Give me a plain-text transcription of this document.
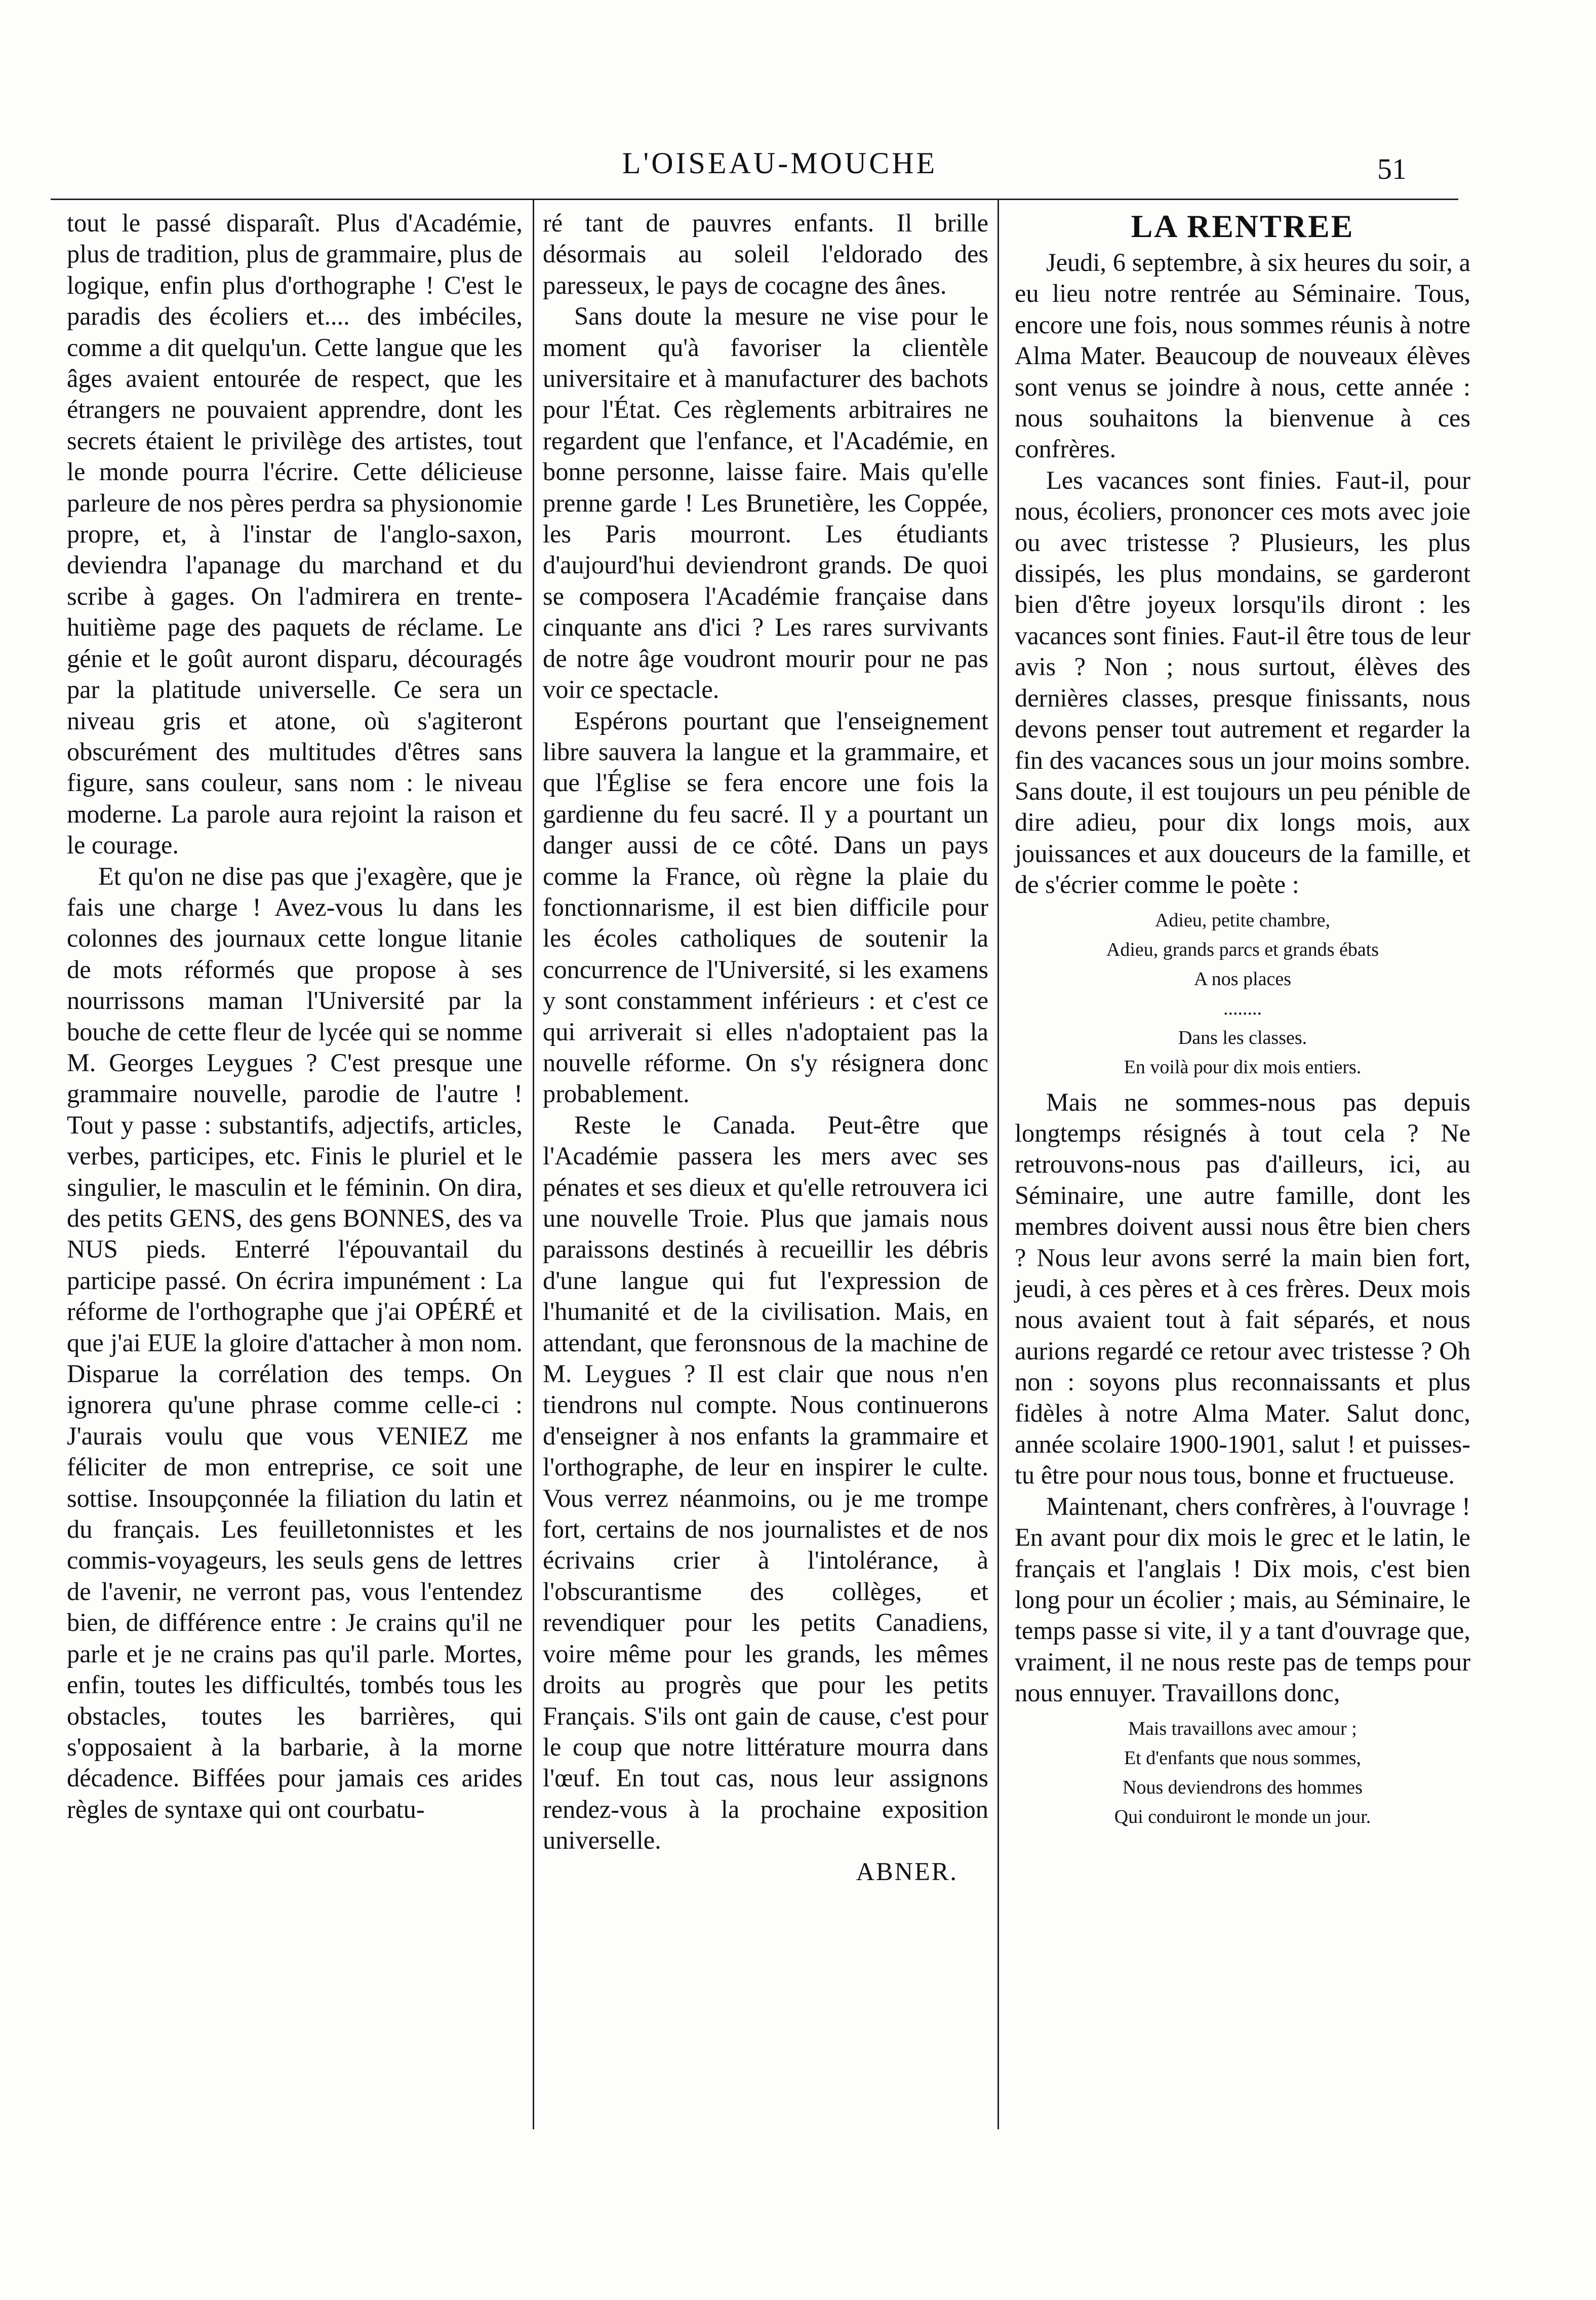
L'OISEAU-MOUCHE	51

tout le passé disparaît. Plus d'Académie, plus de tradition, plus de grammaire, plus de logique, enfin plus d'orthographe ! C'est le paradis des écoliers et.... des imbéciles, comme a dit quelqu'un. Cette langue que les âges avaient entourée de respect, que les étrangers ne pouvaient apprendre, dont les secrets étaient le privilège des artistes, tout le monde pourra l'écrire. Cette délicieuse parleure de nos pères perdra sa physionomie propre, et, à l'instar de l'anglo-saxon, deviendra l'apanage du marchand et du scribe à gages. On l'admirera en trente-huitième page des paquets de réclame. Le génie et le goût auront disparu, découragés par la platitude universelle. Ce sera un niveau gris et atone, où s'agiteront obscurément des multitudes d'êtres sans figure, sans couleur, sans nom : le niveau moderne. La parole aura rejoint la raison et le courage.

Et qu'on ne dise pas que j'exagère, que je fais une charge ! Avez-vous lu dans les colonnes des journaux cette longue litanie de mots réformés que propose à ses nourrissons maman l'Université par la bouche de cette fleur de lycée qui se nomme M. Georges Leygues ? C'est presque une grammaire nouvelle, parodie de l'autre ! Tout y passe : substantifs, adjectifs, articles, verbes, participes, etc. Finis le pluriel et le singulier, le masculin et le féminin. On dira, des petits GENS, des gens BONNES, des va NUS pieds. Enterré l'épouvantail du participe passé. On écrira impunément : La réforme de l'orthographe que j'ai OPÉRÉ et que j'ai EUE la gloire d'attacher à mon nom. Disparue la corrélation des temps. On ignorera qu'une phrase comme celle-ci : J'aurais voulu que vous VENIEZ me féliciter de mon entreprise, ce soit une sottise. Insoupçonnée la filiation du latin et du français. Les feuilletonnistes et les commis-voyageurs, les seuls gens de lettres de l'avenir, ne verront pas, vous l'entendez bien, de différence entre : Je crains qu'il ne parle et je ne crains pas qu'il parle. Mortes, enfin, toutes les difficultés, tombés tous les obstacles, toutes les barrières, qui s'opposaient à la barbarie, à la morne décadence. Biffées pour jamais ces arides règles de syntaxe qui ont courbatu-

ré tant de pauvres enfants. Il brille désormais au soleil l'eldorado des paresseux, le pays de cocagne des ânes.

Sans doute la mesure ne vise pour le moment qu'à favoriser la clientèle universitaire et à manufacturer des bachots pour l'État. Ces règlements arbitraires ne regardent que l'enfance, et l'Académie, en bonne personne, laisse faire. Mais qu'elle prenne garde ! Les Brunetière, les Coppée, les Paris mourront. Les étudiants d'aujourd'hui deviendront grands. De quoi se composera l'Académie française dans cinquante ans d'ici ? Les rares survivants de notre âge voudront mourir pour ne pas voir ce spectacle.

Espérons pourtant que l'enseignement libre sauvera la langue et la grammaire, et que l'Église se fera encore une fois la gardienne du feu sacré. Il y a pourtant un danger aussi de ce côté. Dans un pays comme la France, où règne la plaie du fonctionnarisme, il est bien difficile pour les écoles catholiques de soutenir la concurrence de l'Université, si les examens y sont constamment inférieurs : et c'est ce qui arriverait si elles n'adoptaient pas la nouvelle réforme. On s'y résignera donc probablement.

Reste le Canada. Peut-être que l'Académie passera les mers avec ses pénates et ses dieux et qu'elle retrouvera ici une nouvelle Troie. Plus que jamais nous paraissons destinés à recueillir les débris d'une langue qui fut l'expression de l'humanité et de la civilisation. Mais, en attendant, que feronsnous de la machine de M. Leygues ? Il est clair que nous n'en tiendrons nul compte. Nous continuerons d'enseigner à nos enfants la grammaire et l'orthographe, de leur en inspirer le culte. Vous verrez néanmoins, ou je me trompe fort, certains de nos journalistes et de nos écrivains crier à l'intolérance, à l'obscurantisme des collèges, et revendiquer pour les petits Canadiens, voire même pour les grands, les mêmes droits au progrès que pour les petits Français. S'ils ont gain de cause, c'est pour le coup que notre littérature mourra dans l'œuf. En tout cas, nous leur assignons rendez-vous à la prochaine exposition universelle.

ABNER.
LA RENTREE

Jeudi, 6 septembre, à six heures du soir, a eu lieu notre rentrée au Séminaire. Tous, encore une fois, nous sommes réunis à notre Alma Mater. Beaucoup de nouveaux élèves sont venus se joindre à nous, cette année : nous souhaitons la bienvenue à ces confrères.

Les vacances sont finies. Faut-il, pour nous, écoliers, prononcer ces mots avec joie ou avec tristesse ? Plusieurs, les plus dissipés, les plus mondains, se garderont bien d'être joyeux lorsqu'ils diront : les vacances sont finies. Faut-il être tous de leur avis ? Non ; nous surtout, élèves des dernières classes, presque finissants, nous devons penser tout autrement et regarder la fin des vacances sous un jour moins sombre. Sans doute, il est toujours un peu pénible de dire adieu, pour dix longs mois, aux jouissances et aux douceurs de la famille, et de s'écrier comme le poète :

Adieu, petite chambre,
Adieu, grands parcs et grands ébats
A nos places
........
Dans les classes.
En voilà pour dix mois entiers.

Mais ne sommes-nous pas depuis longtemps résignés à tout cela ? Ne retrouvons-nous pas d'ailleurs, ici, au Séminaire, une autre famille, dont les membres doivent aussi nous être bien chers ? Nous leur avons serré la main bien fort, jeudi, à ces pères et à ces frères. Deux mois nous avaient tout à fait séparés, et nous aurions regardé ce retour avec tristesse ? Oh non : soyons plus reconnaissants et plus fidèles à notre Alma Mater. Salut donc, année scolaire 1900-1901, salut ! et puisses-tu être pour nous tous, bonne et fructueuse.

Maintenant, chers confrères, à l'ouvrage ! En avant pour dix mois le grec et le latin, le français et l'anglais ! Dix mois, c'est bien long pour un écolier ; mais, au Séminaire, le temps passe si vite, il y a tant d'ouvrage que, vraiment, il ne nous reste pas de temps pour nous ennuyer. Travaillons donc,

Mais travaillons avec amour ;
Et d'enfants que nous sommes,
Nous deviendrons des hommes
Qui conduiront le monde un jour.
